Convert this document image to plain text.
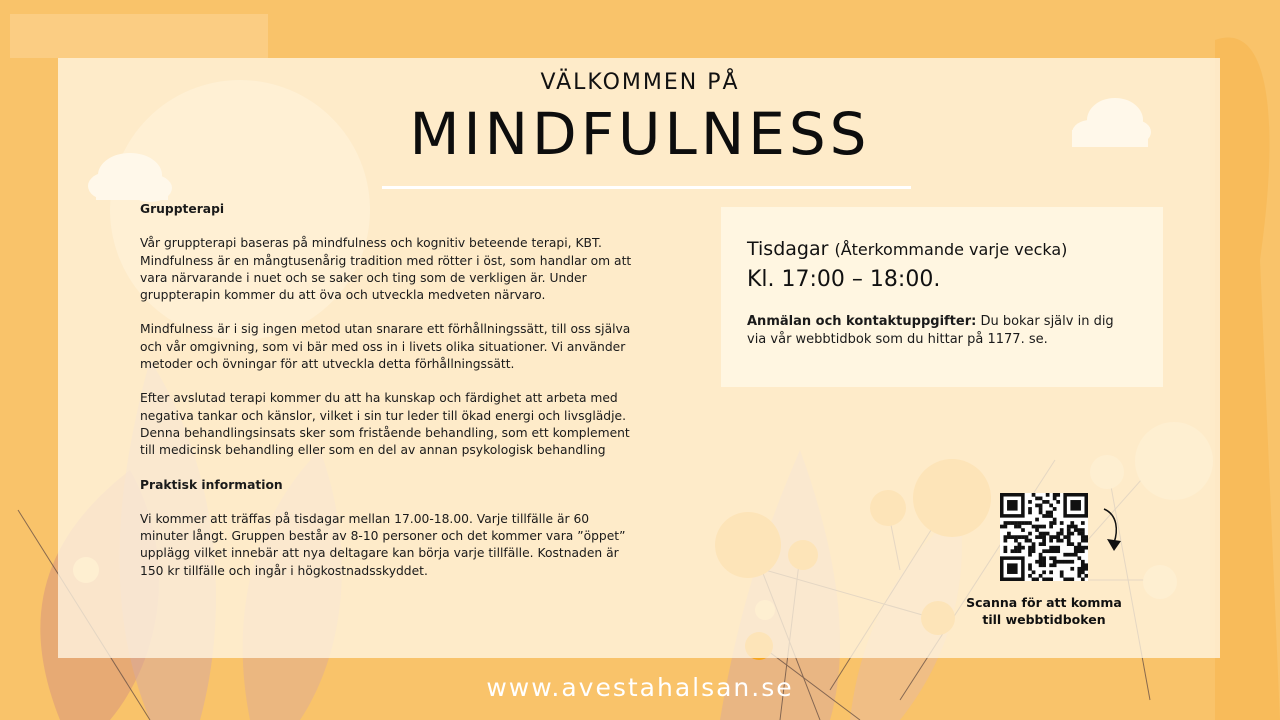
VÄLKOMMEN PÅ
MINDFULNESS
Gruppterapi

Vår gruppterapi baseras på mindfulness och kognitiv beteende terapi, KBT. Mindfulness är en mångtusenårig tradition med rötter i öst, som handlar om att vara närvarande i nuet och se saker och ting som de verkligen är. Under gruppterapin kommer du att öva och utveckla medveten närvaro.

Mindfulness är i sig ingen metod utan snarare ett förhållningssätt, till oss själva och vår omgivning, som vi bär med oss in i livets olika situationer. Vi använder metoder och övningar för att utveckla detta förhållningssätt.

Efter avslutad terapi kommer du att ha kunskap och färdighet att arbeta med negativa tankar och känslor, vilket i sin tur leder till ökad energi och livsglädje. Denna behandlingsinsats sker som fristående behandling, som ett komplement till medicinsk behandling eller som en del av annan psykologisk behandling

Praktisk information

Vi kommer att träffas på tisdagar mellan 17.00-18.00. Varje tillfälle är 60 minuter långt. Gruppen består av 8-10 personer och det kommer vara ”öppet” upplägg vilket innebär att nya deltagare kan börja varje tillfälle. Kostnaden är 150 kr tillfälle och ingår i högkostnadsskyddet.

Tisdagar (Återkommande varje vecka)
Kl. 17:00 – 18:00.
Anmälan och kontaktuppgifter: Du bokar själv in dig via vår webbtidbok som du hittar på 1177. se.
Scanna för att komma
till webbtidboken
www.avestahalsan.se
